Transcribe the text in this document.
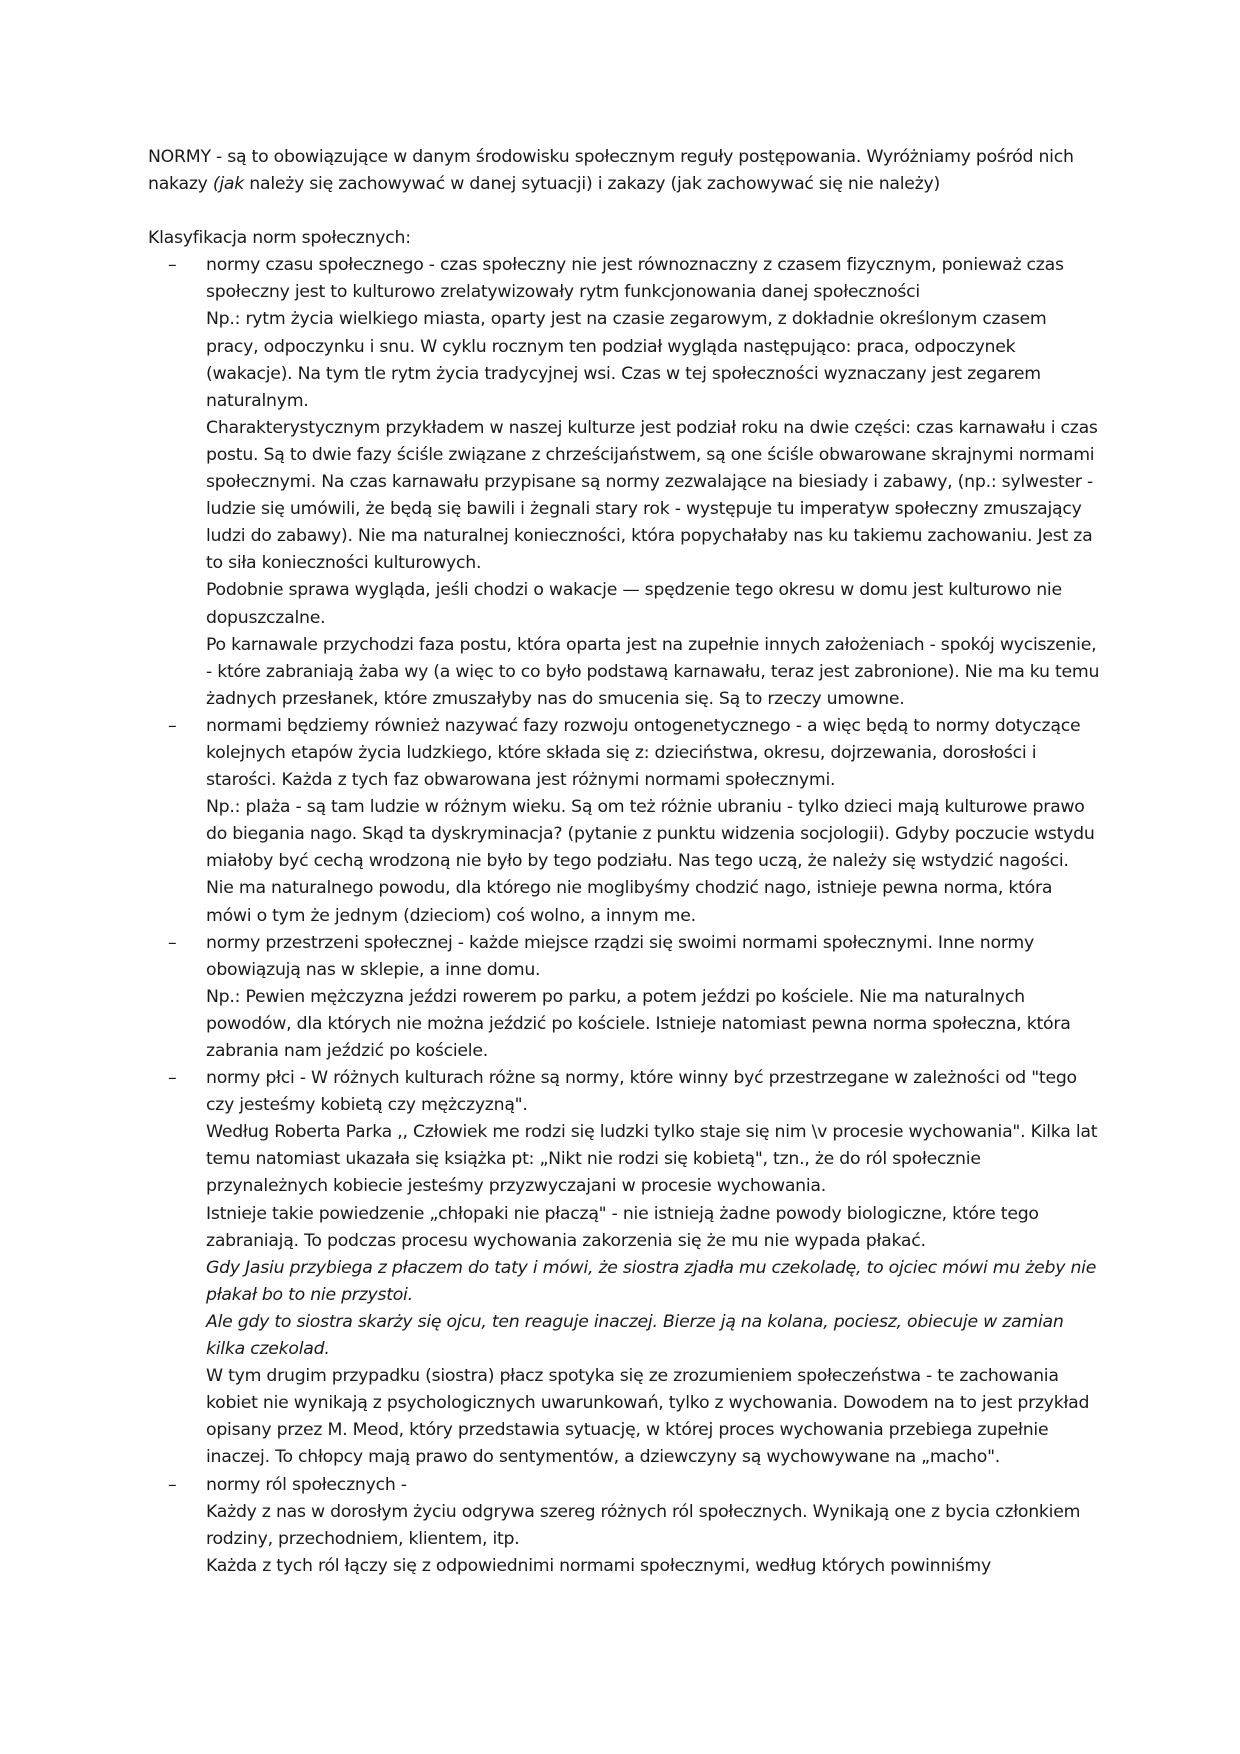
NORMY - są to obowiązujące w danym środowisku społecznym reguły postępowania. Wyróżniamy pośród nich nakazy (jak należy się zachowywać w danej sytuacji) i zakazy (jak zachowywać się nie należy)

Klasyfikacja norm społecznych:

– normy czasu społecznego - czas społeczny nie jest równoznaczny z czasem fizycznym, ponieważ czas społeczny jest to kulturowo zrelatywizowały rytm funkcjonowania danej społeczności

Np.: rytm życia wielkiego miasta, oparty jest na czasie zegarowym, z dokładnie określonym czasem pracy, odpoczynku i snu. W cyklu rocznym ten podział wygląda następująco: praca, odpoczynek (wakacje). Na tym tle rytm życia tradycyjnej wsi. Czas w tej społeczności wyznaczany jest zegarem naturalnym.

Charakterystycznym przykładem w naszej kulturze jest podział roku na dwie części: czas karnawału i czas postu. Są to dwie fazy ściśle związane z chrześcijaństwem, są one ściśle obwarowane skrajnymi normami społecznymi. Na czas karnawału przypisane są normy zezwalające na biesiady i zabawy, (np.: sylwester - ludzie się umówili, że będą się bawili i żegnali stary rok - występuje tu imperatyw społeczny zmuszający ludzi do zabawy). Nie ma naturalnej konieczności, która popychałaby nas ku takiemu zachowaniu. Jest za to siła konieczności kulturowych.

Podobnie sprawa wygląda, jeśli chodzi o wakacje — spędzenie tego okresu w domu jest kulturowo nie dopuszczalne.

Po karnawale przychodzi faza postu, która oparta jest na zupełnie innych założeniach - spokój wyciszenie, - które zabraniają żaba wy (a więc to co było podstawą karnawału, teraz jest zabronione). Nie ma ku temu żadnych przesłanek, które zmuszałyby nas do smucenia się. Są to rzeczy umowne.

– normami będziemy również nazywać fazy rozwoju ontogenetycznego - a więc będą to normy dotyczące kolejnych etapów życia ludzkiego, które składa się z: dzieciństwa, okresu, dojrzewania, dorosłości i starości. Każda z tych faz obwarowana jest różnymi normami społecznymi.

Np.: plaża - są tam ludzie w różnym wieku. Są om też różnie ubraniu - tylko dzieci mają kulturowe prawo do biegania nago. Skąd ta dyskryminacja? (pytanie z punktu widzenia socjologii). Gdyby poczucie wstydu miałoby być cechą wrodzoną nie było by tego podziału. Nas tego uczą, że należy się wstydzić nagości. Nie ma naturalnego powodu, dla którego nie moglibyśmy chodzić nago, istnieje pewna norma, która mówi o tym że jednym (dzieciom) coś wolno, a innym me.

– normy przestrzeni społecznej - każde miejsce rządzi się swoimi normami społecznymi. Inne normy obowiązują nas w sklepie, a inne domu.

Np.: Pewien mężczyzna jeździ rowerem po parku, a potem jeździ po kościele. Nie ma naturalnych powodów, dla których nie można jeździć po kościele. Istnieje natomiast pewna norma społeczna, która zabrania nam jeździć po kościele.

– normy płci - W różnych kulturach różne są normy, które winny być przestrzegane w zależności od "tego czy jesteśmy kobietą czy mężczyzną".

Według Roberta Parka ,, Człowiek me rodzi się ludzki tylko staje się nim \v procesie wychowania". Kilka lat temu natomiast ukazała się książka pt: „Nikt nie rodzi się kobietą", tzn., że do ról społecznie przynależnych kobiecie jesteśmy przyzwyczajani w procesie wychowania.

Istnieje takie powiedzenie „chłopaki nie płaczą" - nie istnieją żadne powody biologiczne, które tego zabraniają. To podczas procesu wychowania zakorzenia się że mu nie wypada płakać.

Gdy Jasiu przybiega z płaczem do taty i mówi, że siostra zjadła mu czekoladę, to ojciec mówi mu żeby nie płakał bo to nie przystoi.

Ale gdy to siostra skarży się ojcu, ten reaguje inaczej. Bierze ją na kolana, pociesz, obiecuje w zamian kilka czekolad.

W tym drugim przypadku (siostra) płacz spotyka się ze zrozumieniem społeczeństwa - te zachowania kobiet nie wynikają z psychologicznych uwarunkowań, tylko z wychowania. Dowodem na to jest przykład opisany przez M. Meod, który przedstawia sytuację, w której proces wychowania przebiega zupełnie inaczej. To chłopcy mają prawo do sentymentów, a dziewczyny są wychowywane na „macho".

– normy ról społecznych -

Każdy z nas w dorosłym życiu odgrywa szereg różnych ról społecznych. Wynikają one z bycia członkiem rodziny, przechodniem, klientem, itp.

Każda z tych ról łączy się z odpowiednimi normami społecznymi, według których powinniśmy
